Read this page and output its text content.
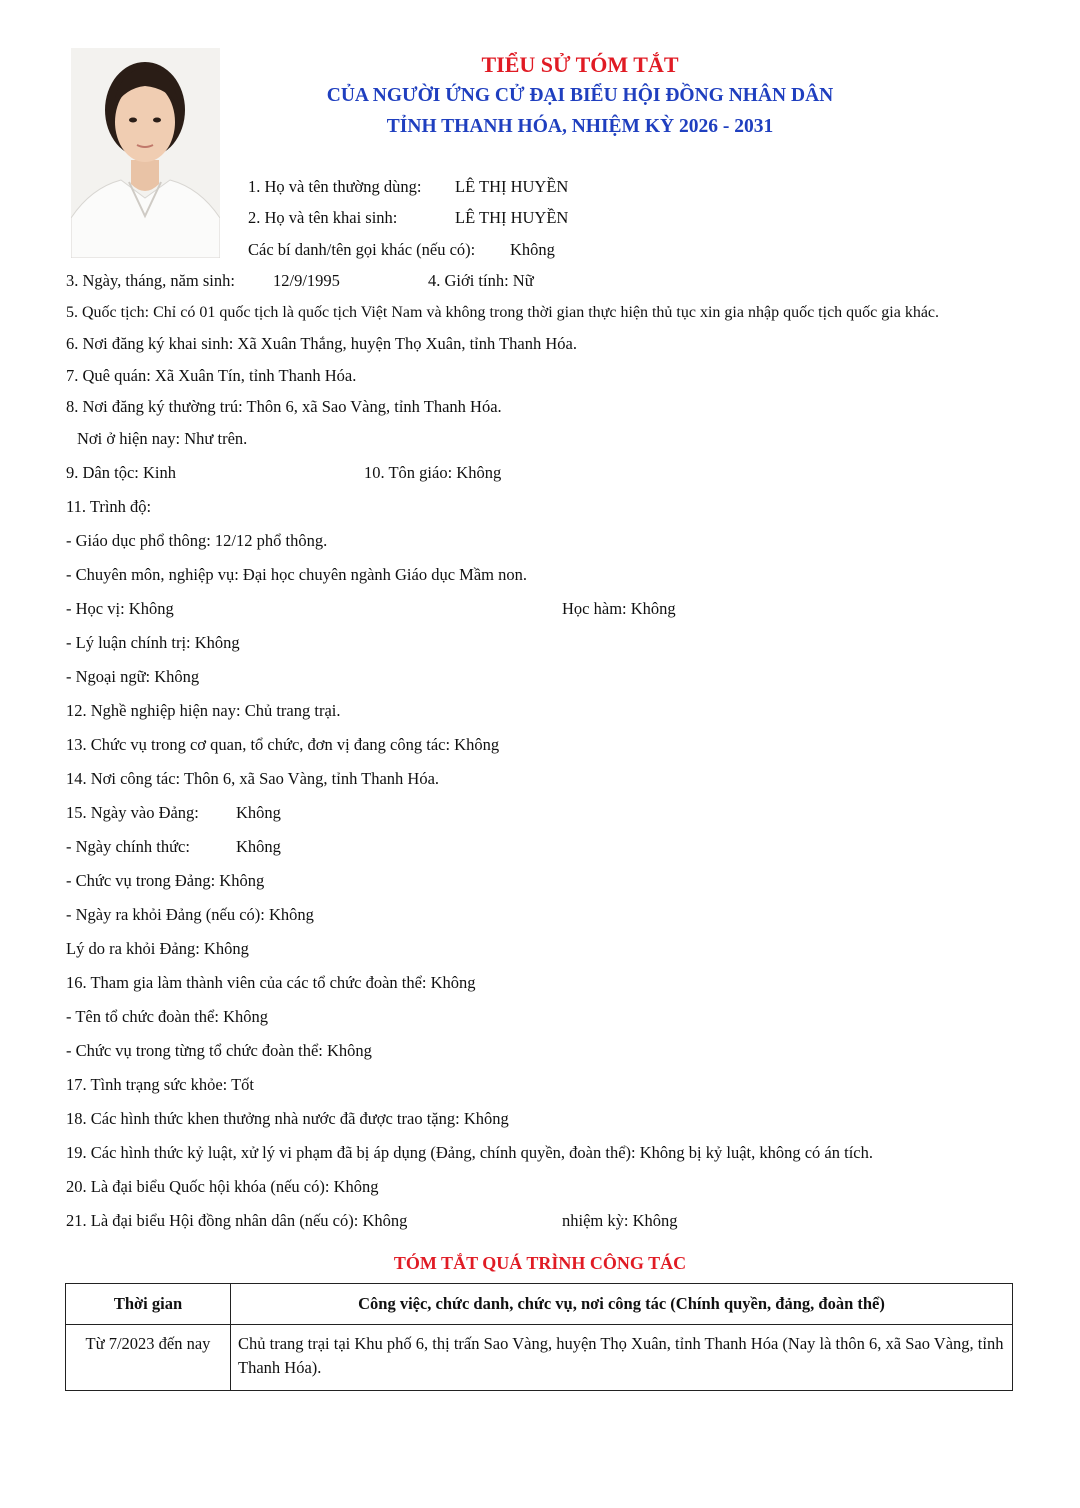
TIỂU SỬ TÓM TẮT
CỦA NGƯỜI ỨNG CỬ ĐẠI BIỂU HỘI ĐỒNG NHÂN DÂN
TỈNH THANH HÓA, NHIỆM KỲ 2026 - 2031
1. Họ và tên thường dùng: LÊ THỊ HUYỀN
2. Họ và tên khai sinh:	LÊ THỊ HUYỀN
Các bí danh/tên gọi khác (nếu có): Không
3. Ngày, tháng, năm sinh: 12/9/1995	4. Giới tính: Nữ
5. Quốc tịch: Chỉ có 01 quốc tịch là quốc tịch Việt Nam và không trong thời gian thực hiện thủ tục xin gia nhập quốc tịch quốc gia khác.
6. Nơi đăng ký khai sinh: Xã Xuân Thắng, huyện Thọ Xuân, tỉnh Thanh Hóa.
7. Quê quán: Xã Xuân Tín, tỉnh Thanh Hóa.
8. Nơi đăng ký thường trú: Thôn 6, xã Sao Vàng, tỉnh Thanh Hóa.
Nơi ở hiện nay: Như trên.
9. Dân tộc: Kinh	10. Tôn giáo: Không
11. Trình độ:
- Giáo dục phổ thông: 12/12 phổ thông.
- Chuyên môn, nghiệp vụ: Đại học chuyên ngành Giáo dục Mầm non.
- Học vị: Không	Học hàm: Không
- Lý luận chính trị: Không
- Ngoại ngữ: Không
12. Nghề nghiệp hiện nay: Chủ trang trại.
13. Chức vụ trong cơ quan, tổ chức, đơn vị đang công tác: Không
14. Nơi công tác: Thôn 6, xã Sao Vàng, tỉnh Thanh Hóa.
15. Ngày vào Đảng: Không
- Ngày chính thức:	Không
- Chức vụ trong Đảng: Không
- Ngày ra khỏi Đảng (nếu có): Không
Lý do ra khỏi Đảng: Không
16. Tham gia làm thành viên của các tổ chức đoàn thể: Không
- Tên tổ chức đoàn thể: Không
- Chức vụ trong từng tổ chức đoàn thể: Không
17. Tình trạng sức khỏe: Tốt
18. Các hình thức khen thưởng nhà nước đã được trao tặng: Không
19. Các hình thức kỷ luật, xử lý vi phạm đã bị áp dụng (Đảng, chính quyền, đoàn thể): Không bị kỷ luật, không có án tích.
20. Là đại biểu Quốc hội khóa (nếu có): Không
21. Là đại biểu Hội đồng nhân dân (nếu có): Không	nhiệm kỳ: Không
TÓM TẮT QUÁ TRÌNH CÔNG TÁC
Thời gian	Công việc, chức danh, chức vụ, nơi công tác (Chính quyền, đảng, đoàn thể)
Từ 7/2023 đến nay	Chủ trang trại tại Khu phố 6, thị trấn Sao Vàng, huyện Thọ Xuân, tỉnh Thanh Hóa (Nay là thôn 6, xã Sao Vàng, tỉnh Thanh Hóa).
